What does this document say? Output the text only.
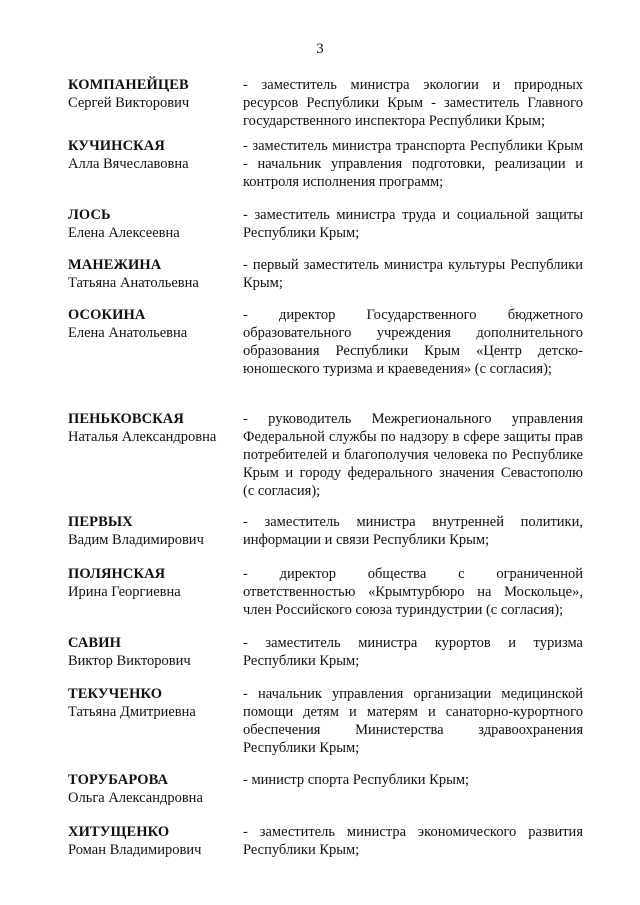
3
КОМПАНЕЙЦЕВ
Сергей Викторович
- заместитель министра экологии и природных ресурсов Республики Крым - заместитель Главного государственного инспектора Республики Крым;
КУЧИНСКАЯ
Алла Вячеславовна
- заместитель министра транспорта Республики Крым - начальник управления подготовки, реализации и контроля исполнения программ;
ЛОСЬ
Елена Алексеевна
- заместитель министра труда и социальной защиты Республики Крым;
МАНЕЖИНА
Татьяна Анатольевна
- первый заместитель министра культуры Республики Крым;
ОСОКИНА
Елена Анатольевна
- директор Государственного бюджетного образовательного учреждения дополнительного образования Республики Крым «Центр детско-юношеского туризма и краеведения» (с согласия);
ПЕНЬКОВСКАЯ
Наталья Александровна
- руководитель Межрегионального управления Федеральной службы по надзору в сфере защиты прав потребителей и благополучия человека по Республике Крым и городу федерального значения Севастополю (с согласия);
ПЕРВЫХ
Вадим Владимирович
- заместитель министра внутренней политики, информации и связи Республики Крым;
ПОЛЯНСКАЯ
Ирина Георгиевна
- директор общества с ограниченной ответственностью «Крымтурбюро на Москольце», член Российского союза туриндустрии (с согласия);
САВИН
Виктор Викторович
- заместитель министра курортов и туризма Республики Крым;
ТЕКУЧЕНКО
Татьяна Дмитриевна
- начальник управления организации медицинской помощи детям и матерям и санаторно-курортного обеспечения Министерства здравоохранения Республики Крым;
ТОРУБАРОВА
Ольга Александровна
- министр спорта Республики Крым;
ХИТУЩЕНКО
Роман Владимирович
- заместитель министра экономического развития Республики Крым;
